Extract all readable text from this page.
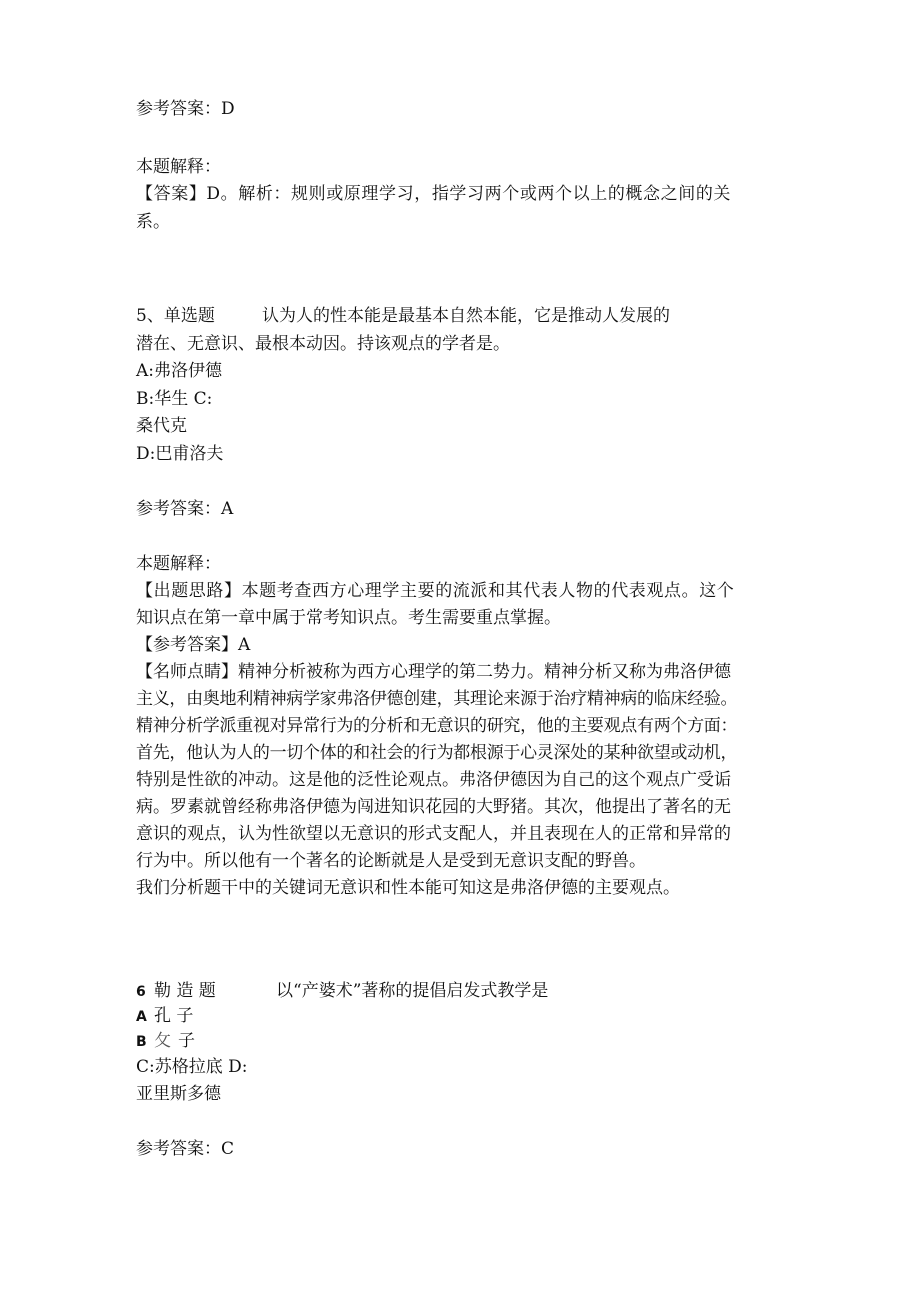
参考答案：D
本题解释：
【答案】D。解析：规则或原理学习，指学习两个或两个以上的概念之间的关
系。
5、单选题	认为人的性本能是最基本自然本能，它是推动人发展的
潜在、无意识、最根本动因。持该观点的学者是。
A:弗洛伊德
B:华生 C:
桑代克
D:巴甫洛夫
参考答案：A
本题解释：
【出题思路】本题考查西方心理学主要的流派和其代表人物的代表观点。这个
知识点在第一章中属于常考知识点。考生需要重点掌握。
【参考答案】A
【名师点睛】精神分析被称为西方心理学的第二势力。精神分析又称为弗洛伊德
主义，由奥地利精神病学家弗洛伊德创建，其理论来源于治疗精神病的临床经验。
精神分析学派重视对异常行为的分析和无意识的研究，他的主要观点有两个方面：
首先，他认为人的一切个体的和社会的行为都根源于心灵深处的某种欲望或动机，
特别是性欲的冲动。这是他的泛性论观点。弗洛伊德因为自己的这个观点广受诟
病。罗素就曾经称弗洛伊德为闯进知识花园的大野猪。其次，他提出了著名的无
意识的观点，认为性欲望以无意识的形式支配人，并且表现在人的正常和异常的
行为中。所以他有一个著名的论断就是人是受到无意识支配的野兽。
我们分析题干中的关键词无意识和性本能可知这是弗洛伊德的主要观点。
6 勒 造 题	以“产婆术”著称的提倡启发式教学是
A 孔 子
B ⺙ 子
C:苏格拉底 D:
亚里斯多德
参考答案：C
